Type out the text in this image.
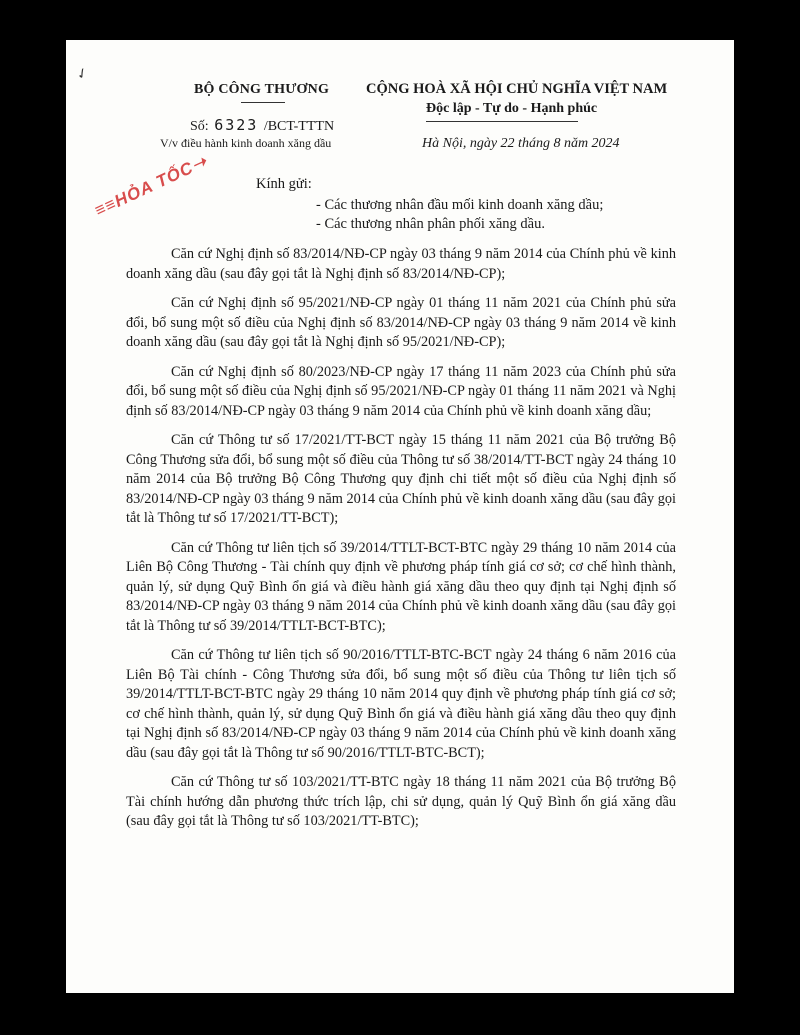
✓
BỘ CÔNG THƯƠNG
Số: 6323 /BCT-TTTN
V/v điều hành kinh doanh xăng dầu
CỘNG HOÀ XÃ HỘI CHỦ NGHĨA VIỆT NAM
Độc lập - Tự do - Hạnh phúc
Hà Nội, ngày 22 tháng 8 năm 2024
≡≡HỎA TỐC➝
Kính gửi:
- Các thương nhân đầu mối kinh doanh xăng dầu;
- Các thương nhân phân phối xăng dầu.

Căn cứ Nghị định số 83/2014/NĐ-CP ngày 03 tháng 9 năm 2014 của Chính phủ về kinh doanh xăng dầu (sau đây gọi tắt là Nghị định số 83/2014/NĐ-CP);

Căn cứ Nghị định số 95/2021/NĐ-CP ngày 01 tháng 11 năm 2021 của Chính phủ sửa đổi, bổ sung một số điều của Nghị định số 83/2014/NĐ-CP ngày 03 tháng 9 năm 2014 về kinh doanh xăng dầu (sau đây gọi tắt là Nghị định số 95/2021/NĐ-CP);

Căn cứ Nghị định số 80/2023/NĐ-CP ngày 17 tháng 11 năm 2023 của Chính phủ sửa đổi, bổ sung một số điều của Nghị định số 95/2021/NĐ-CP ngày 01 tháng 11 năm 2021 và Nghị định số 83/2014/NĐ-CP ngày 03 tháng 9 năm 2014 của Chính phủ về kinh doanh xăng dầu;

Căn cứ Thông tư số 17/2021/TT-BCT ngày 15 tháng 11 năm 2021 của Bộ trưởng Bộ Công Thương sửa đổi, bổ sung một số điều của Thông tư số 38/2014/TT-BCT ngày 24 tháng 10 năm 2014 của Bộ trưởng Bộ Công Thương quy định chi tiết một số điều của Nghị định số 83/2014/NĐ-CP ngày 03 tháng 9 năm 2014 của Chính phủ về kinh doanh xăng dầu (sau đây gọi tắt là Thông tư số 17/2021/TT-BCT);

Căn cứ Thông tư liên tịch số 39/2014/TTLT-BCT-BTC ngày 29 tháng 10 năm 2014 của Liên Bộ Công Thương - Tài chính quy định về phương pháp tính giá cơ sở; cơ chế hình thành, quản lý, sử dụng Quỹ Bình ổn giá và điều hành giá xăng dầu theo quy định tại Nghị định số 83/2014/NĐ-CP ngày 03 tháng 9 năm 2014 của Chính phủ về kinh doanh xăng dầu (sau đây gọi tắt là Thông tư số 39/2014/TTLT-BCT-BTC);

Căn cứ Thông tư liên tịch số 90/2016/TTLT-BTC-BCT ngày 24 tháng 6 năm 2016 của Liên Bộ Tài chính - Công Thương sửa đổi, bổ sung một số điều của Thông tư liên tịch số 39/2014/TTLT-BCT-BTC ngày 29 tháng 10 năm 2014 quy định về phương pháp tính giá cơ sở; cơ chế hình thành, quản lý, sử dụng Quỹ Bình ổn giá và điều hành giá xăng dầu theo quy định tại Nghị định số 83/2014/NĐ-CP ngày 03 tháng 9 năm 2014 của Chính phủ về kinh doanh xăng dầu (sau đây gọi tắt là Thông tư số 90/2016/TTLT-BTC-BCT);

Căn cứ Thông tư số 103/2021/TT-BTC ngày 18 tháng 11 năm 2021 của Bộ trưởng Bộ Tài chính hướng dẫn phương thức trích lập, chi sử dụng, quản lý Quỹ Bình ổn giá xăng dầu (sau đây gọi tắt là Thông tư số 103/2021/TT-BTC);
